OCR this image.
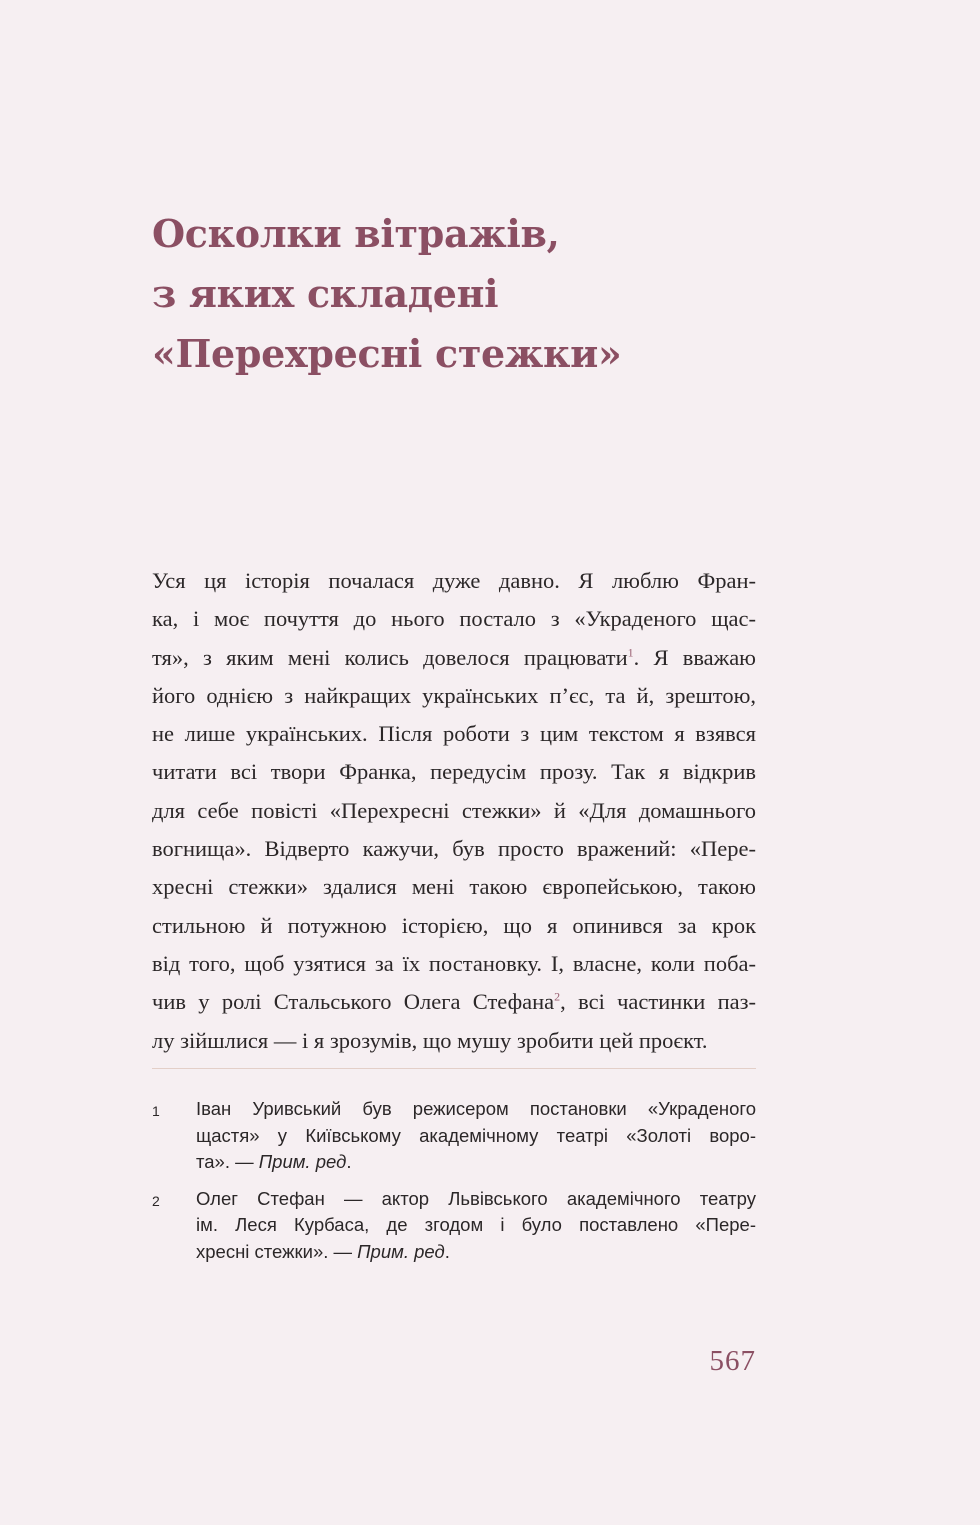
Осколки вітражів,
з яких складені
«Перехресні стежки»
Уся ця історія почалася дуже давно. Я люблю Фран-
ка, і моє почуття до нього постало з «Украденого щас-
тя», з яким мені колись довелося працювати$^1$. Я вважаю
його однією з найкращих українських п’єс, та й, зрештою,
не лише українських. Після роботи з цим текстом я взявся
читати всі твори Франка, передусім прозу. Так я відкрив
для себе повісті «Перехресні стежки» й «Для домашнього
вогнища». Відверто кажучи, був просто вражений: «Пере-
хресні стежки» здалися мені такою європейською, такою
стильною й потужною історією, що я опинився за крок
від того, щоб узятися за їх постановку. І, власне, коли поба-
чив у ролі Стальського Олега Стефана$^2$, всі частинки паз-
лу зійшлися — і я зрозумів, що мушу зробити цей проєкт.
1 Іван Уривський був режисером постановки «Украденого
щастя» у Київському академічному театрі «Золоті воро-
та». — Прим. ред.
2 Олег Стефан — актор Львівського академічного театру
ім. Леся Курбаса, де згодом і було поставлено «Пере-
хресні стежки». — Прим. ред.
567
